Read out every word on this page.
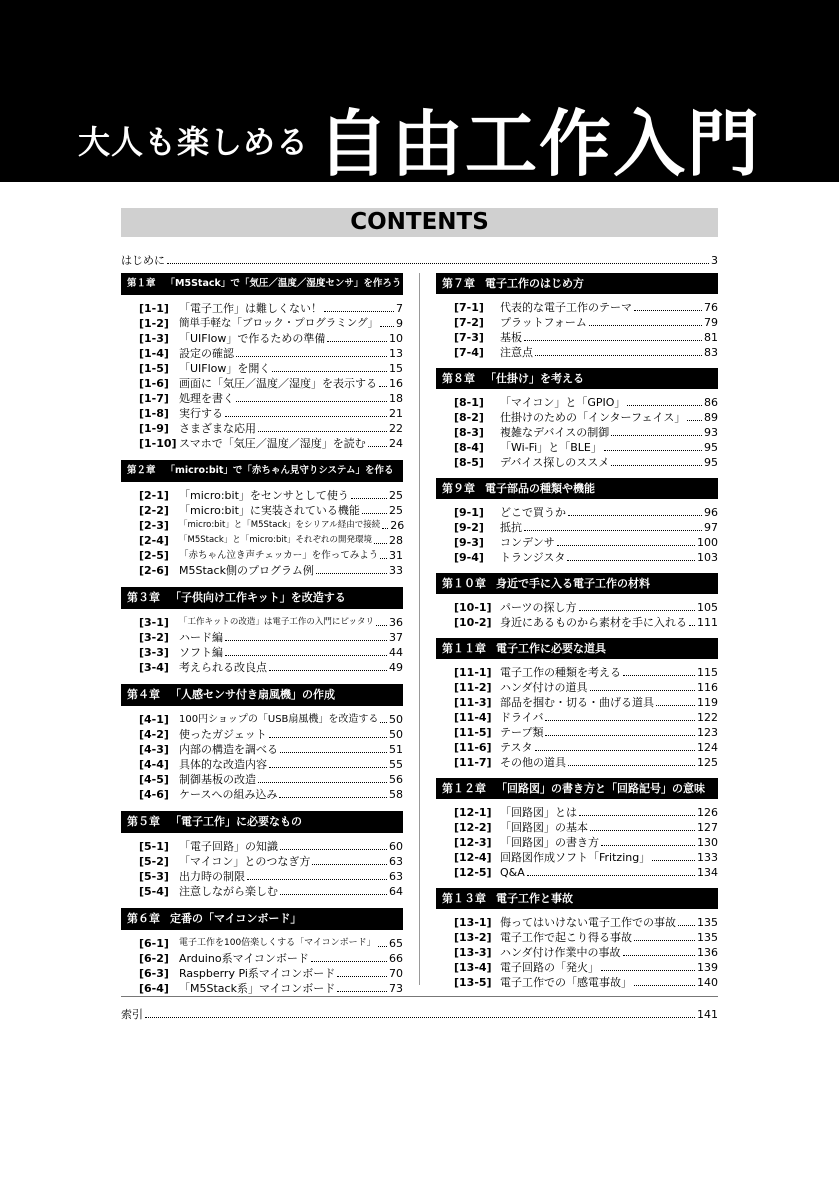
大人も楽しめる 自由工作入門
CONTENTS
はじめに	3
第１章 「M5Stack」で「気圧／温度／湿度センサ」を作ろう
[1-1] 「電子工作」は難しくない！	7
[1-2] 簡単手軽な「ブロック・プログラミング」 9
[1-3] 「UIFlow」で作るための準備	10
[1-4] 設定の確認	13
[1-5] 「UIFlow」を開く	15
[1-6] 画面に「気圧／温度／湿度」を表示する 16
[1-7] 処理を書く	18
[1-8] 実行する	21
[1-9] さまざまな応用	22
[1-10] スマホで「気圧／温度／湿度」を読む 24
第２章 「micro:bit」で「赤ちゃん見守りシステム」を作る
[2-1] 「micro:bit」をセンサとして使う	25
[2-2] 「micro:bit」に実装されている機能	25
[2-3]	「micro:bit」と「M5Stack」をシリアル経由で接続 26
[2-4]	「M5Stack」と「micro:bit」それぞれの開発環境 28
[2-5]	「赤ちゃん泣き声チェッカー」を作ってみよう 31
[2-6] M5Stack側のプログラム例	33
第３章 「子供向け工作キット」を改造する
[3-1]	「工作キットの改造」は電子工作の入門にピッタリ 36
[3-2] ハード編	37
[3-3] ソフト編	44
[3-4] 考えられる改良点	49
第４章 「人感センサ付き扇風機」の作成
[4-1]	100円ショップの「USB扇風機」を改造する 50
[4-2] 使ったガジェット	50
[4-3] 内部の構造を調べる	51
[4-4] 具体的な改造内容	55
[4-5] 制御基板の改造	56
[4-6] ケースへの組み込み	58
第５章 「電子工作」に必要なもの
[5-1] 「電子回路」の知識	60
[5-2] 「マイコン」とのつなぎ方	63
[5-3] 出力時の制限	63
[5-4] 注意しながら楽しむ	64
第６章 定番の「マイコンボード」
[6-1]	電子工作を100倍楽しくする「マイコンボード」 65
[6-2] Arduino系マイコンボード	66
[6-3] Raspberry Pi系マイコンボード	70
[6-4] 「M5Stack系」マイコンボード	73
第７章 電子工作のはじめ方
[7-1]	代表的な電子工作のテーマ	76
[7-2]	プラットフォーム	79
[7-3]	基板	81
[7-4]	注意点	83
第８章 「仕掛け」を考える
[8-1]	「マイコン」と「GPIO」	86
[8-2]	仕掛けのための「インターフェイス」 89
[8-3]	複雑なデバイスの制御	93
[8-4]	「Wi-Fi」と「BLE」	95
[8-5]	デバイス探しのススメ	95
第９章 電子部品の種類や機能
[9-1]	どこで買うか	96
[9-2]	抵抗	97
[9-3]	コンデンサ	100
[9-4]	トランジスタ	103
第１０章 身近で手に入る電子工作の材料
[10-1] パーツの探し方	105
[10-2] 身近にあるものから素材を手に入れる 111
第１１章 電子工作に必要な道具
[11-1] 電子工作の種類を考える	115
[11-2] ハンダ付けの道具	116
[11-3] 部品を掴む・切る・曲げる道具	119
[11-4] ドライバ	122
[11-5] テープ類	123
[11-6] テスタ	124
[11-7] その他の道具	125
第１２章 「回路図」の書き方と「回路記号」の意味
[12-1] 「回路図」とは	126
[12-2] 「回路図」の基本	127
[12-3] 「回路図」の書き方	130
[12-4] 回路図作成ソフト「Fritzing」	133
[12-5] Q&A	134
第１３章 電子工作と事故
[13-1] 侮ってはいけない電子工作での事故 135
[13-2] 電子工作で起こり得る事故	135
[13-3] ハンダ付け作業中の事故	136
[13-4] 電子回路の「発火」	139
[13-5] 電子工作での「感電事故」	140
索引	141
